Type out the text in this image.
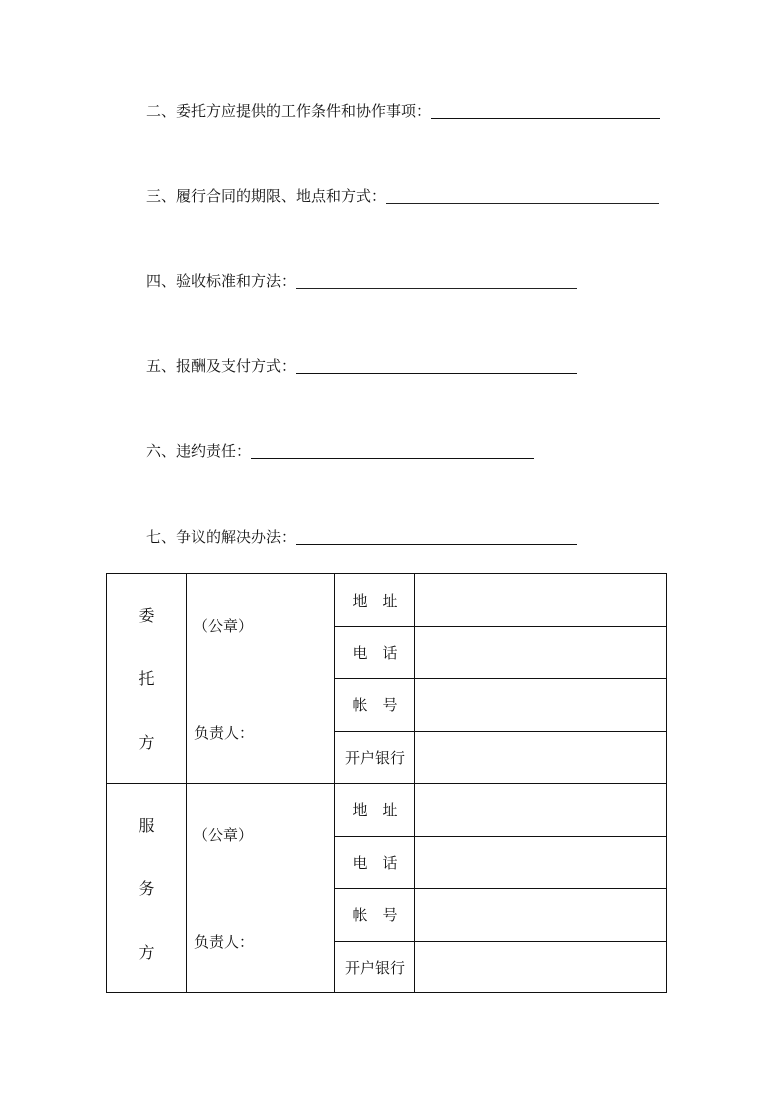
二、委托方应提供的工作条件和协作事项：
三、履行合同的期限、地点和方式：
四、验收标准和方法：
五、报酬及支付方式：
六、违约责任：
七、争议的解决办法：
委
托
方
（公章）
负责人：
地　址
电　话
帐　号
开户银行
服
务
方
（公章）
负责人：
地　址
电　话
帐　号
开户银行
